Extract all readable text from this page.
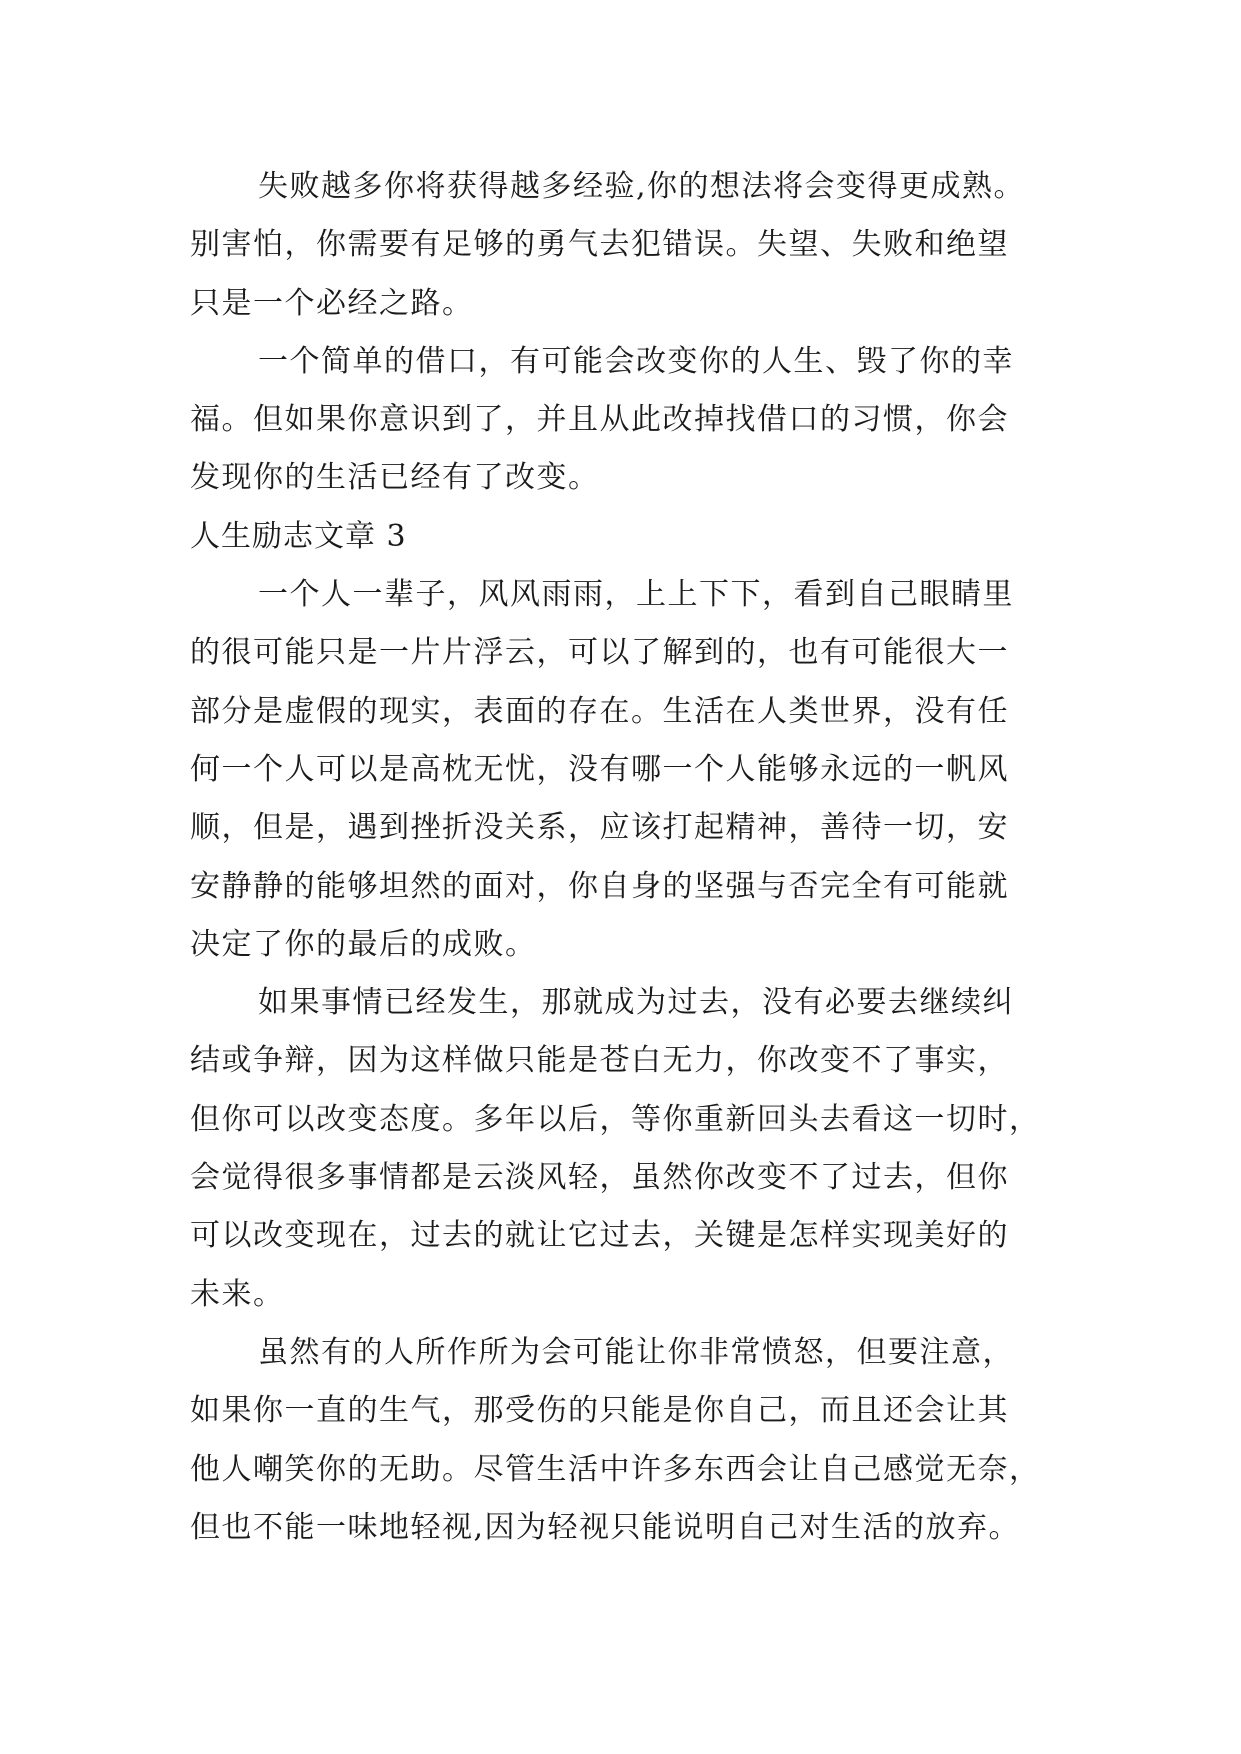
失败越多你将获得越多经验,你的想法将会变得更成熟。
别害怕，你需要有足够的勇气去犯错误。失望、失败和绝望
只是一个必经之路。
一个简单的借口，有可能会改变你的人生、毁了你的幸
福。但如果你意识到了，并且从此改掉找借口的习惯，你会
发现你的生活已经有了改变。
人生励志文章 3
一个人一辈子，风风雨雨，上上下下，看到自己眼睛里
的很可能只是一片片浮云，可以了解到的，也有可能很大一
部分是虚假的现实，表面的存在。生活在人类世界，没有任
何一个人可以是高枕无忧，没有哪一个人能够永远的一帆风
顺，但是，遇到挫折没关系，应该打起精神，善待一切，安
安静静的能够坦然的面对，你自身的坚强与否完全有可能就
决定了你的最后的成败。
如果事情已经发生，那就成为过去，没有必要去继续纠
结或争辩，因为这样做只能是苍白无力，你改变不了事实，
但你可以改变态度。多年以后，等你重新回头去看这一切时，
会觉得很多事情都是云淡风轻，虽然你改变不了过去，但你
可以改变现在，过去的就让它过去，关键是怎样实现美好的
未来。
虽然有的人所作所为会可能让你非常愤怒，但要注意，
如果你一直的生气，那受伤的只能是你自己，而且还会让其
他人嘲笑你的无助。尽管生活中许多东西会让自己感觉无奈，
但也不能一味地轻视,因为轻视只能说明自己对生活的放弃。
